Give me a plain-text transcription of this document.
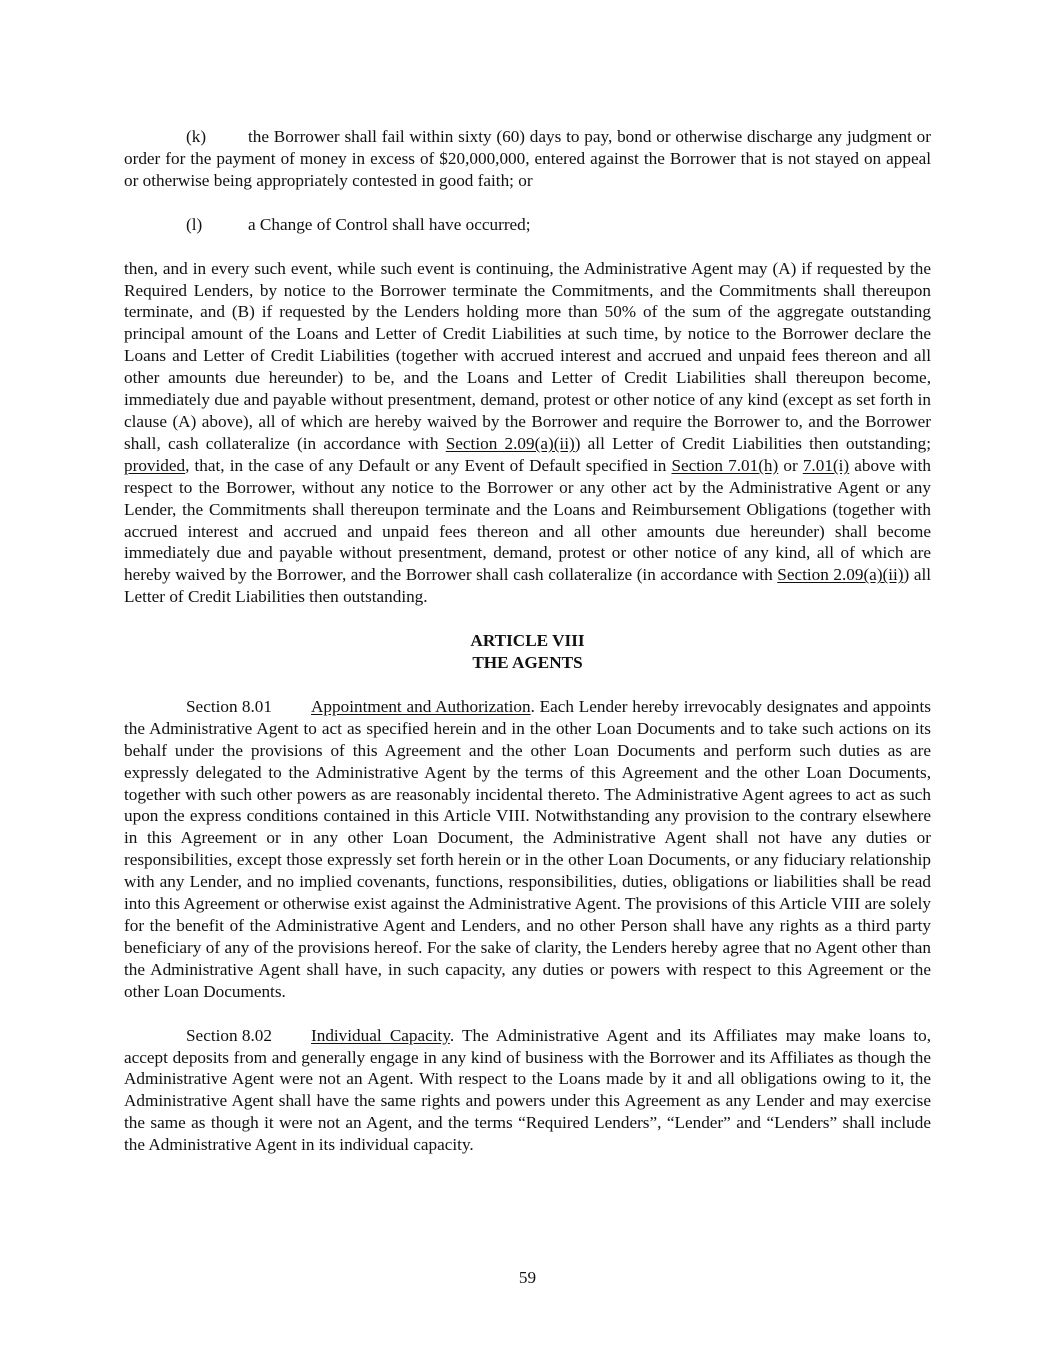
(k) the Borrower shall fail within sixty (60) days to pay, bond or otherwise discharge any judgment or order for the payment of money in excess of $20,000,000, entered against the Borrower that is not stayed on appeal or otherwise being appropriately contested in good faith; or

(l)	a Change of Control shall have occurred;

then, and in every such event, while such event is continuing, the Administrative Agent may (A) if requested by the Required Lenders, by notice to the Borrower terminate the Commitments, and the Commitments shall thereupon terminate, and (B) if requested by the Lenders holding more than 50% of the sum of the aggregate outstanding principal amount of the Loans and Letter of Credit Liabilities at such time, by notice to the Borrower declare the Loans and Letter of Credit Liabilities (together with accrued interest and accrued and unpaid fees thereon and all other amounts due hereunder) to be, and the Loans and Letter of Credit Liabilities shall thereupon become, immediately due and payable without presentment, demand, protest or other notice of any kind (except as set forth in clause (A) above), all of which are hereby waived by the Borrower and require the Borrower to, and the Borrower shall, cash collateralize (in accordance with Section 2.09(a)(ii)) all Letter of Credit Liabilities then outstanding; provided, that, in the case of any Default or any Event of Default specified in Section 7.01(h) or 7.01(i) above with respect to the Borrower, without any notice to the Borrower or any other act by the Administrative Agent or any Lender, the Commitments shall thereupon terminate and the Loans and Reimbursement Obligations (together with accrued interest and accrued and unpaid fees thereon and all other amounts due hereunder) shall become immediately due and payable without presentment, demand, protest or other notice of any kind, all of which are hereby waived by the Borrower, and the Borrower shall cash collateralize (in accordance with Section 2.09(a)(ii)) all Letter of Credit Liabilities then outstanding.

ARTICLE VIII
THE AGENTS

Section 8.01 Appointment and Authorization. Each Lender hereby irrevocably designates and appoints the Administrative Agent to act as specified herein and in the other Loan Documents and to take such actions on its behalf under the provisions of this Agreement and the other Loan Documents and perform such duties as are expressly delegated to the Administrative Agent by the terms of this Agreement and the other Loan Documents, together with such other powers as are reasonably incidental thereto. The Administrative Agent agrees to act as such upon the express conditions contained in this Article VIII. Notwithstanding any provision to the contrary elsewhere in this Agreement or in any other Loan Document, the Administrative Agent shall not have any duties or responsibilities, except those expressly set forth herein or in the other Loan Documents, or any fiduciary relationship with any Lender, and no implied covenants, functions, responsibilities, duties, obligations or liabilities shall be read into this Agreement or otherwise exist against the Administrative Agent. The provisions of this Article VIII are solely for the benefit of the Administrative Agent and Lenders, and no other Person shall have any rights as a third party beneficiary of any of the provisions hereof. For the sake of clarity, the Lenders hereby agree that no Agent other than the Administrative Agent shall have, in such capacity, any duties or powers with respect to this Agreement or the other Loan Documents.

Section 8.02 Individual Capacity. The Administrative Agent and its Affiliates may make loans to, accept deposits from and generally engage in any kind of business with the Borrower and its Affiliates as though the Administrative Agent were not an Agent. With respect to the Loans made by it and all obligations owing to it, the Administrative Agent shall have the same rights and powers under this Agreement as any Lender and may exercise the same as though it were not an Agent, and the terms “Required Lenders”, “Lender” and “Lenders” shall include the Administrative Agent in its individual capacity.

59
